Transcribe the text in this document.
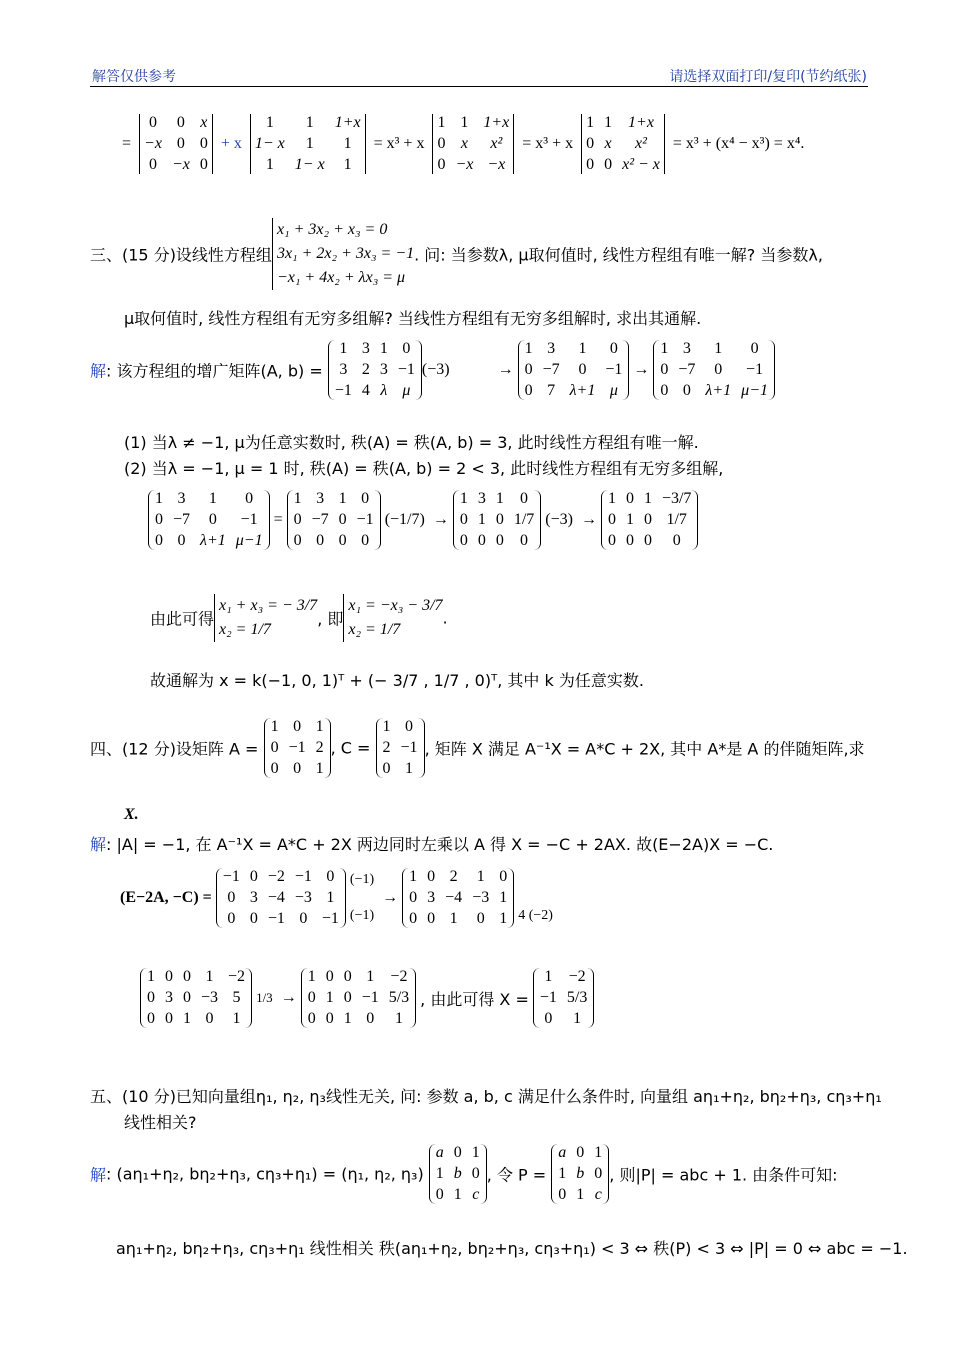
解答仅供参考	请选择双面打印/复印(节约纸张)
=
0	0 x
−x 0 0
0 −x 0
+ x
1	1	1+x
1− x	1	1
1	1− x	1
= x³ + x
1 1 1+x
0 x	x²
0 −x −x
= x³ + x
1 1 1+x
0 x	x²
0 0 x² − x
= x³ + (x⁴ − x³) = x⁴.
三、(15 分)设线性方程组
x₁ + 3x₂ + x₃ = 0
3x₁ + 2x₂ + 3x₃ = −1
−x₁ + 4x₂ + λx₃ = μ
. 问: 当参数λ, μ取何值时, 线性方程组有唯一解? 当参数λ,
μ取何值时, 线性方程组有无穷多组解? 当线性方程组有无穷多组解时, 求出其通解.
解: 该方程组的增广矩阵(A, b) =
1 3 1 0
3 2 3 −1
−1 4 λ μ
(−3)	→
1 3	1	0
0 −7	0	−1
0 7 λ+1 μ
→
1 3	1	0
0 −7	0	−1
0 0 λ+1 μ−1
(1) 当λ ≠ −1, μ为任意实数时, 秩(A) = 秩(A, b) = 3, 此时线性方程组有唯一解.
(2) 当λ = −1, μ = 1 时, 秩(A) = 秩(A, b) = 2 < 3, 此时线性方程组有无穷多组解,
1 3	1	0
0 −7	0	−1
0 0 λ+1 μ−1
=
1 3 1 0
0 −7 0 −1
0 0 0 0
(−1/7) →
1 3 1	0
0 1 0 1/7
0 0 0	0
(−3) →
1 0 1 −3/7
0 1 0 1/7
0 0 0	0
由此可得
x₁ + x₃ = − 3/7
x₂ = 1/7
, 即
x₁ = −x₃ − 3/7
x₂ = 1/7
.
故通解为 x = k(−1, 0, 1)ᵀ + (− 3/7 , 1/7 , 0)ᵀ, 其中 k 为任意实数.
四、(12 分)设矩阵 A =
1 0 1
0 −1 2
0 0 1
, C =
1 0
2 −1
0 1
, 矩阵 X 满足 A⁻¹X = A*C + 2X, 其中 A*是 A 的伴随矩阵,求
X.
解: |A| = −1, 在 A⁻¹X = A*C + 2X 两边同时左乘以 A 得 X = −C + 2AX. 故(E−2A)X = −C.
(E−2A, −C) =
−1 0 −2 −1 0
0 3 −4 −3 1
0 0 −1 0 −1
(−1)
(−1)
→
1 0 2 1 0
0 3 −4 −3 1
0 0 1 0 1 4 (−2)
1 0 0 1 −2
0 3 0 −3 5
0 0 1 0 1
1/3 →
1 0 0 1 −2
0 1 0 −1 5/3
0 0 1 0	1
, 由此可得 X =
1 −2
−1 5/3
0	1
五、(10 分)已知向量组η₁, η₂, η₃线性无关, 问: 参数 a, b, c 满足什么条件时, 向量组 aη₁+η₂, bη₂+η₃, cη₃+η₁
线性相关?
解: (aη₁+η₂, bη₂+η₃, cη₃+η₁) = (η₁, η₂, η₃)
a 0 1
1 b 0
0 1 c
, 令 P =
a 0 1
1 b 0
0 1 c
, 则|P| = abc + 1. 由条件可知:
aη₁+η₂, bη₂+η₃, cη₃+η₁ 线性相关 秩(aη₁+η₂, bη₂+η₃, cη₃+η₁) < 3 ⇔ 秩(P) < 3 ⇔ |P| = 0 ⇔ abc = −1.
